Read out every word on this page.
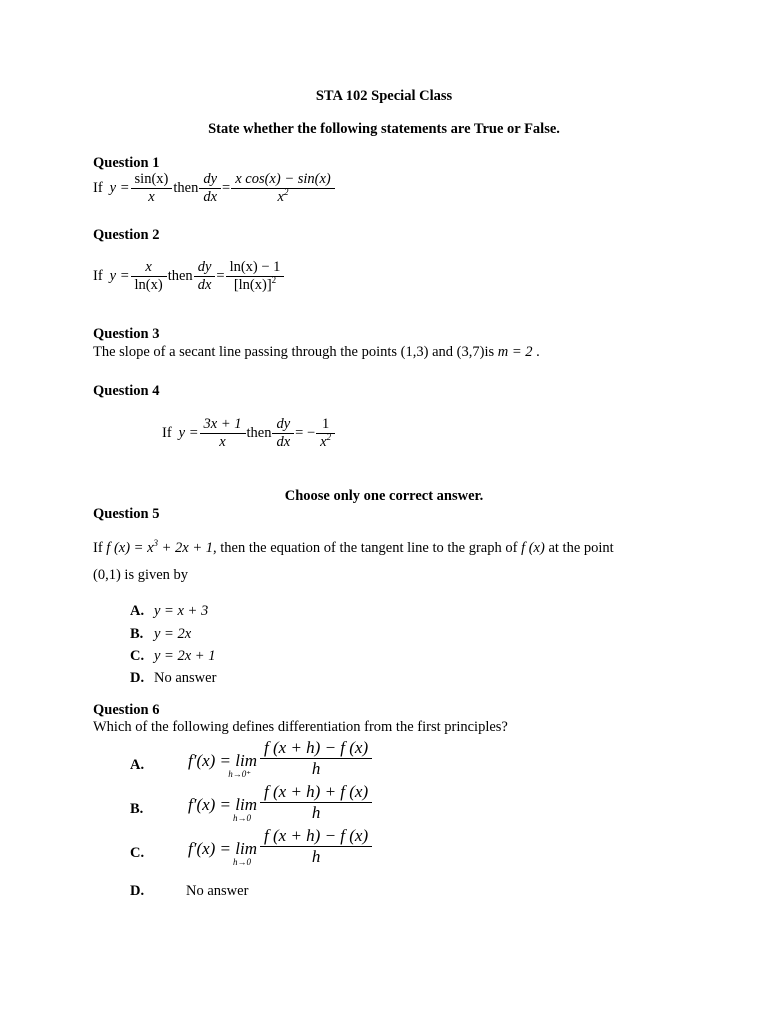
STA 102 Special Class
State whether the following statements are True or False.
Question 1
If $y = \frac{\sin(x)}{x}$ then $\frac{dy}{dx} = \frac{\text{x cos(x) − sin(x)}}{x^2}$
Question 2
If $y = \frac{x}{\ln(x)}$ then $\frac{dy}{dx} = \frac{\ln(x) - 1}{[\ln(x)]^2}$
Question 3
The slope of a secant line passing through the points (1,3) and (3,7)is m = 2 .
Question 4
If $y = \frac{3x + 1}{x}$ then $\frac{dy}{dx}$ = − $\frac{1}{x^2}$
Choose only one correct answer.
Question 5
If f $(x) = x^3 + 2x + 1$, then the equation of the tangent line to the graph of f (x) at the point
(0,1) is given by
A. y = x + 3
B. y = 2x
C. y = 2x + 1
D. No answer
Question 6
Which of the following defines differentiation from the first principles?
A.	f′(x) = lim
$h\to 0^+ \frac{f (x + h) - f (x)}{h}$
B.	f′(x) = lim
$h\to 0 \frac{f (x + h) + f (x)}{h}$
C.	f′(x) = lim
$h\to 0 \frac{f (x + h) - f (x)}{h}$
D.	No answer
